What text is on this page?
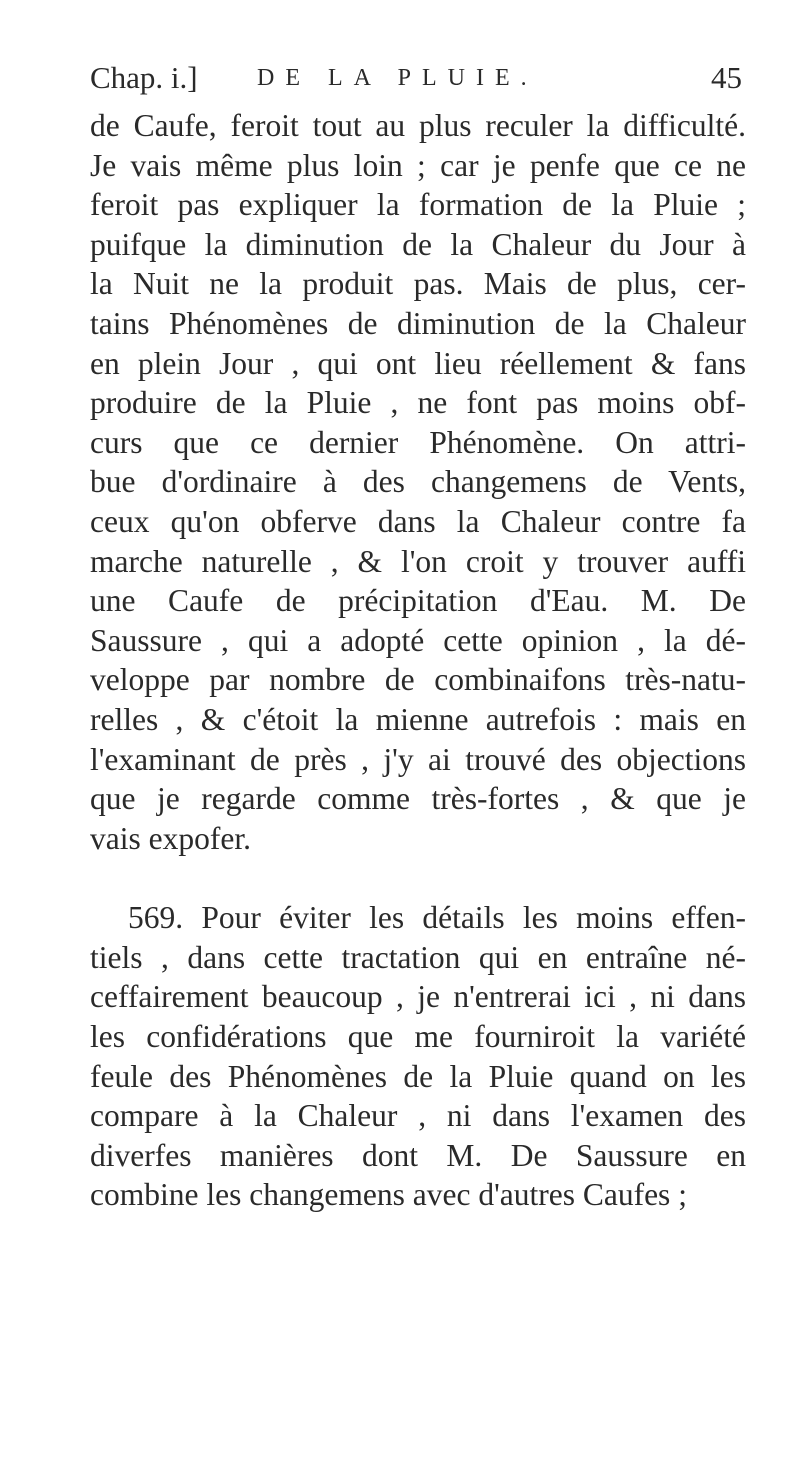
Chap. i.] DE LA PLUIE.	45
de Caufe, feroit tout au plus reculer la difficulté.
Je vais même plus loin ; car je penfe que ce ne
feroit pas expliquer la formation de la Pluie ;
puifque la diminution de la Chaleur du Jour à
la Nuit ne la produit pas. Mais de plus, cer-
tains Phénomènes de diminution de la Chaleur
en plein Jour , qui ont lieu réellement & fans
produire de la Pluie , ne font pas moins obf-
curs que ce dernier Phénomène. On attri-
bue d'ordinaire à des changemens de Vents,
ceux qu'on obferve dans la Chaleur contre fa
marche naturelle , & l'on croit y trouver auffi
une Caufe de précipitation d'Eau. M. De
Saussure , qui a adopté cette opinion , la dé-
veloppe par nombre de combinaifons très-natu-
relles , & c'étoit la mienne autrefois : mais en
l'examinant de près , j'y ai trouvé des objections
que je regarde comme très-fortes , & que je
vais expofer.
569. Pour éviter les détails les moins effen-
tiels , dans cette tractation qui en entraîne né-
ceffairement beaucoup , je n'entrerai ici , ni dans
les confidérations que me fourniroit la variété
feule des Phénomènes de la Pluie quand on les
compare à la Chaleur , ni dans l'examen des
diverfes manières dont M. De Saussure en
combine les changemens avec d'autres Caufes ;
